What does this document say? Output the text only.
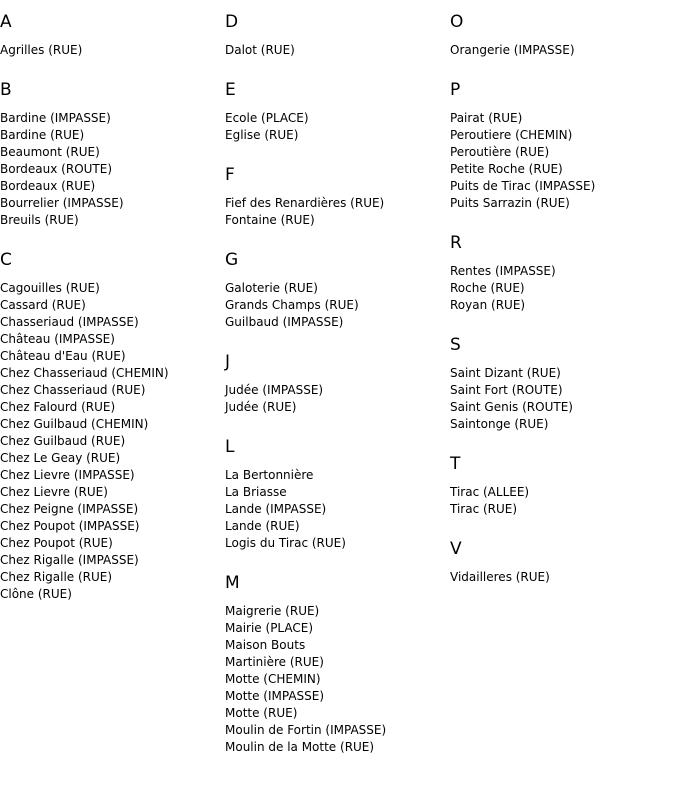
A
Agrilles (RUE)
B
Bardine (IMPASSE)
Bardine (RUE)
Beaumont (RUE)
Bordeaux (ROUTE)
Bordeaux (RUE)
Bourrelier (IMPASSE)
Breuils (RUE)
C
Cagouilles (RUE)
Cassard (RUE)
Chasseriaud (IMPASSE)
Château (IMPASSE)
Château d'Eau (RUE)
Chez Chasseriaud (CHEMIN)
Chez Chasseriaud (RUE)
Chez Falourd (RUE)
Chez Guilbaud (CHEMIN)
Chez Guilbaud (RUE)
Chez Le Geay (RUE)
Chez Lievre (IMPASSE)
Chez Lievre (RUE)
Chez Peigne (IMPASSE)
Chez Poupot (IMPASSE)
Chez Poupot (RUE)
Chez Rigalle (IMPASSE)
Chez Rigalle (RUE)
Clône (RUE)
D
Dalot (RUE)
E
Ecole (PLACE)
Eglise (RUE)
F
Fief des Renardières (RUE)
Fontaine (RUE)
G
Galoterie (RUE)
Grands Champs (RUE)
Guilbaud (IMPASSE)
J
Judée (IMPASSE)
Judée (RUE)
L
La Bertonnière
La Briasse
Lande (IMPASSE)
Lande (RUE)
Logis du Tirac (RUE)
M
Maigrerie (RUE)
Mairie (PLACE)
Maison Bouts
Martinière (RUE)
Motte (CHEMIN)
Motte (IMPASSE)
Motte (RUE)
Moulin de Fortin (IMPASSE)
Moulin de la Motte (RUE)
O
Orangerie (IMPASSE)
P
Pairat (RUE)
Peroutiere (CHEMIN)
Peroutière (RUE)
Petite Roche (RUE)
Puits de Tirac (IMPASSE)
Puits Sarrazin (RUE)
R
Rentes (IMPASSE)
Roche (RUE)
Royan (RUE)
S
Saint Dizant (RUE)
Saint Fort (ROUTE)
Saint Genis (ROUTE)
Saintonge (RUE)
T
Tirac (ALLEE)
Tirac (RUE)
V
Vidailleres (RUE)
